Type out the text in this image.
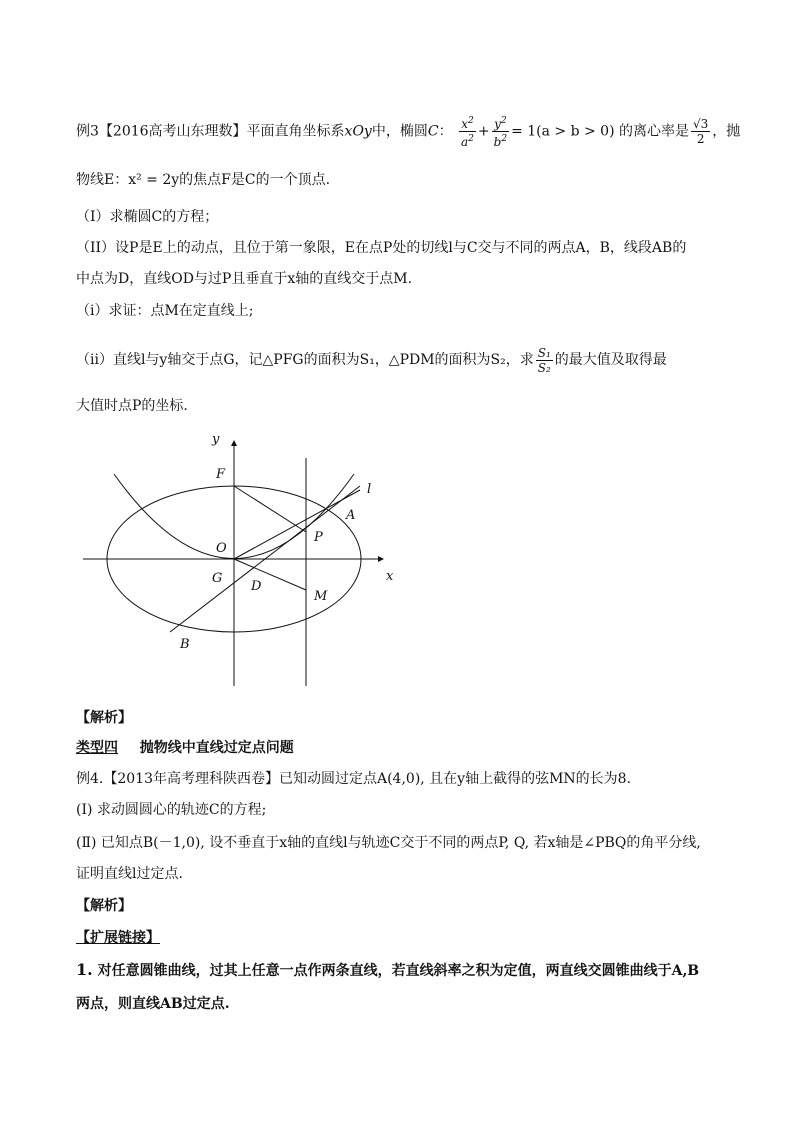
例3【2016高考山东理数】平面直角坐标系xOy中，椭圆C： $\frac{x^2}{a^2} + \frac{y^2}{b^2} = 1(a > b > 0)$ 的离心率是 $\frac{√3}{2}$ ，抛
物线E：x² = 2y的焦点F是C的一个顶点.
（I）求椭圆C的方程；
（II）设P是E上的动点，且位于第一象限，E在点P处的切线l与C交与不同的两点A，B，线段AB的
中点为D，直线OD与过P且垂直于x轴的直线交于点M.
（i）求证：点M在定直线上;
（ii）直线l与y轴交于点G，记△PFG的面积为S₁，△PDM的面积为S₂，求 $\frac{\text{S₁}}{\text{S₂}}$ 的最大值及取得最
大值时点P的坐标.
y
x
F
O
G
D
P
A
M
B
l
【解析】
类型四 抛物线中直线过定点问题
例4.【2013年高考理科陕西卷】已知动圆过定点A(4,0), 且在y轴上截得的弦MN的长为8.
(Ⅰ) 求动圆圆心的轨迹C的方程;
(Ⅱ) 已知点B(－1,0), 设不垂直于x轴的直线l与轨迹C交于不同的两点P, Q, 若x轴是∠PBQ的角平分线,
证明直线l过定点.
【解析】
【扩展链接】
1. 对任意圆锥曲线，过其上任意一点作两条直线，若直线斜率之积为定值，两直线交圆锥曲线于A,B
两点，则直线AB过定点.
